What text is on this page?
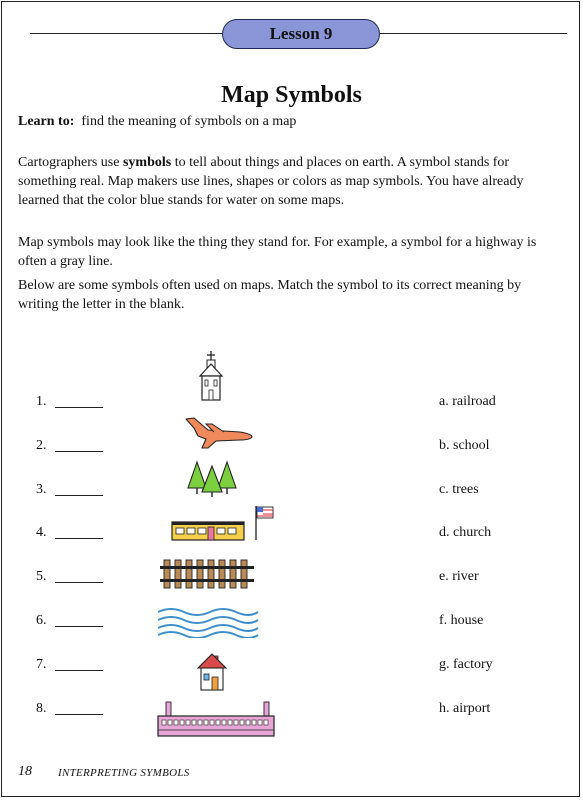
Lesson 9
Map Symbols
Learn to: find the meaning of symbols on a map
Cartographers use symbols to tell about things and places on earth. A symbol stands for something real. Map makers use lines, shapes or colors as map symbols. You have already learned that the color blue stands for water on some maps.
Map symbols may look like the thing they stand for. For example, a symbol for a highway is often a gray line.
Below are some symbols often used on maps. Match the symbol to its correct meaning by writing the letter in the blank.
1.	a. railroad
2.	b. school
3.	c. trees
4.	d. church
5.	e. river
6.	f. house
7.	g. factory
8.	h. airport
18 INTERPRETING SYMBOLS
